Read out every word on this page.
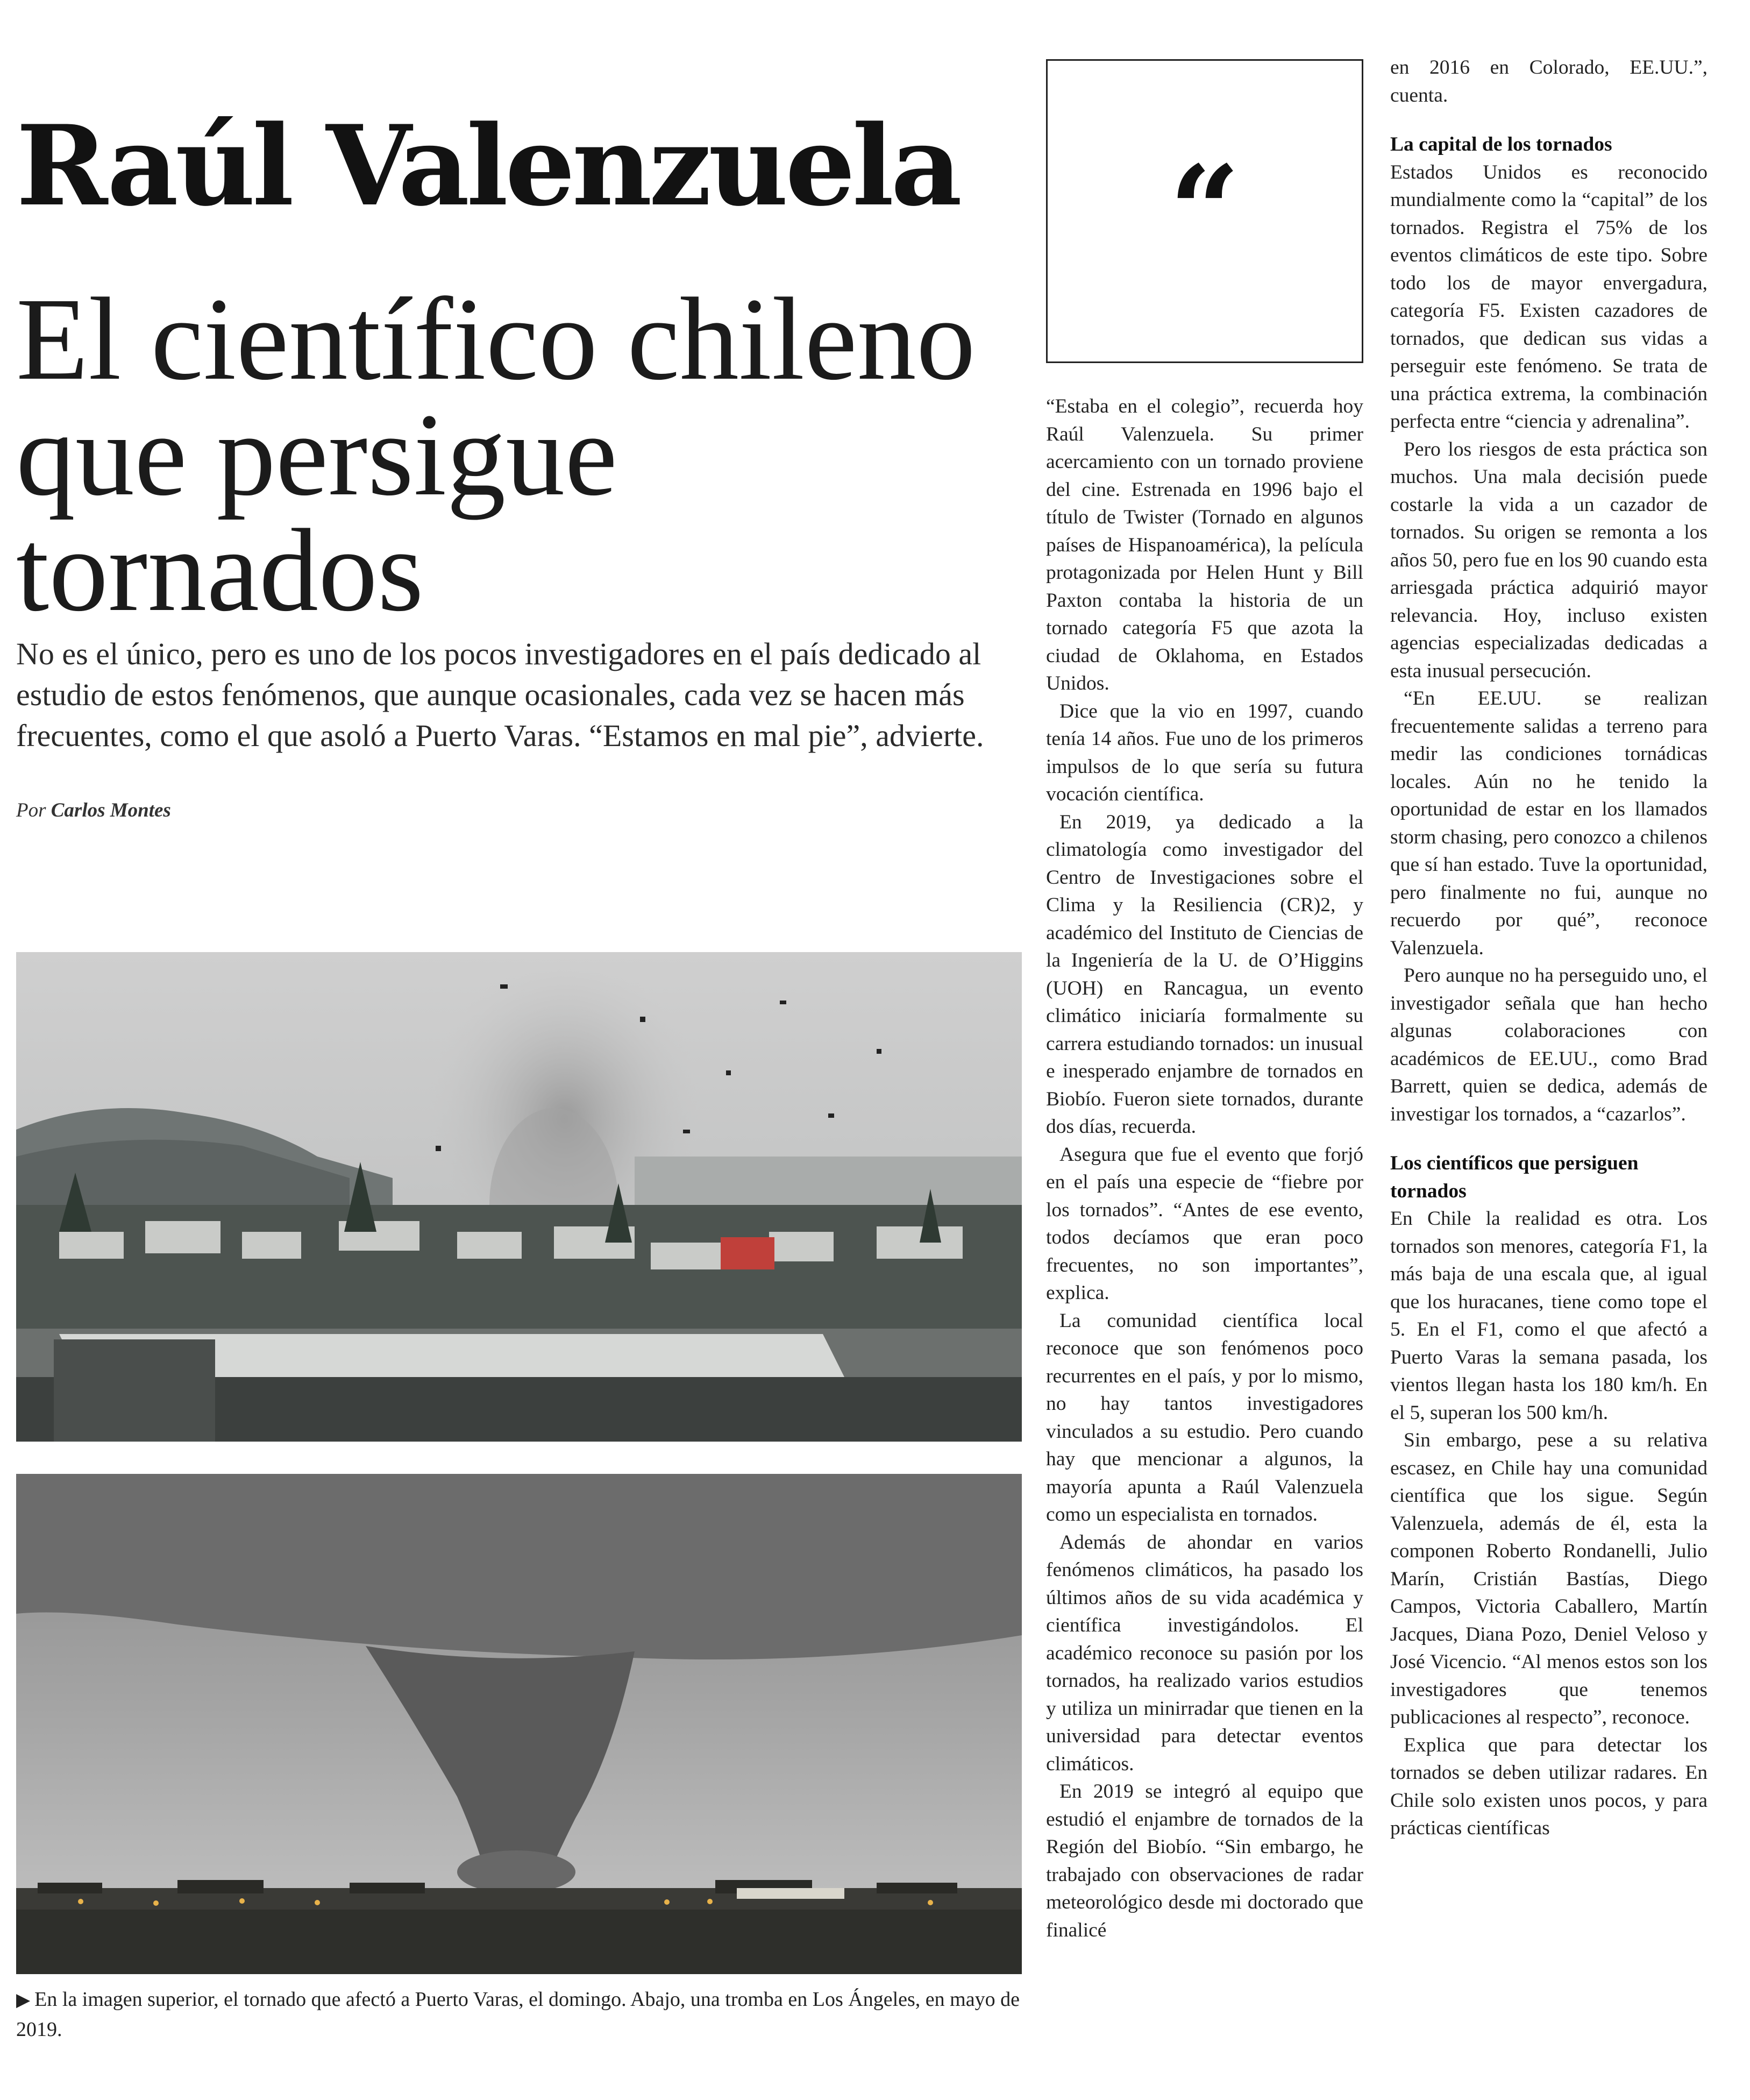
Raúl Valenzuela
El científico chileno que persigue tornados

No es el único, pero es uno de los pocos investigadores en el país dedicado al estudio de estos fenómenos, que aunque ocasionales, cada vez se hacen más frecuentes, como el que asoló a Puerto Varas. “Estamos en mal pie”, advierte.

Por Carlos Montes
▶ En la imagen superior, el tornado que afectó a Puerto Varas, el domingo. Abajo, una tromba en Los Ángeles, en mayo de 2019.
“

“Estaba en el colegio”, recuerda hoy Raúl Valenzuela. Su primer acercamiento con un tornado proviene del cine. Estrenada en 1996 bajo el título de Twister (Tornado en algunos países de Hispanoamérica), la película protagonizada por Helen Hunt y Bill Paxton contaba la historia de un tornado categoría F5 que azota la ciudad de Oklahoma, en Estados Unidos.

Dice que la vio en 1997, cuando tenía 14 años. Fue uno de los primeros impulsos de lo que sería su futura vocación científica.

En 2019, ya dedicado a la climatología como investigador del Centro de Investigaciones sobre el Clima y la Resiliencia (CR)2, y académico del Instituto de Ciencias de la Ingeniería de la U. de O’Higgins (UOH) en Rancagua, un evento climático iniciaría formalmente su carrera estudiando tornados: un inusual e inesperado enjambre de tornados en Biobío. Fueron siete tornados, durante dos días, recuerda.

Asegura que fue el evento que forjó en el país una especie de “fiebre por los tornados”. “Antes de ese evento, todos decíamos que eran poco frecuentes, no son importantes”, explica.

La comunidad científica local reconoce que son fenómenos poco recurrentes en el país, y por lo mismo, no hay tantos investigadores vinculados a su estudio. Pero cuando hay que mencionar a algunos, la mayoría apunta a Raúl Valenzuela como un especialista en tornados.

Además de ahondar en varios fenómenos climáticos, ha pasado los últimos años de su vida académica y científica investigándolos. El académico reconoce su pasión por los tornados, ha realizado varios estudios y utiliza un minirradar que tienen en la universidad para detectar eventos climáticos.

En 2019 se integró al equipo que estudió el enjambre de tornados de la Región del Biobío. “Sin embargo, he trabajado con observaciones de radar meteorológico desde mi doctorado que finalicé

en 2016 en Colorado, EE.UU.”, cuenta.

La capital de los tornados

Estados Unidos es reconocido mundialmente como la “capital” de los tornados. Registra el 75% de los eventos climáticos de este tipo. Sobre todo los de mayor envergadura, categoría F5. Existen cazadores de tornados, que dedican sus vidas a perseguir este fenómeno. Se trata de una práctica extrema, la combinación perfecta entre “ciencia y adrenalina”.

Pero los riesgos de esta práctica son muchos. Una mala decisión puede costarle la vida a un cazador de tornados. Su origen se remonta a los años 50, pero fue en los 90 cuando esta arriesgada práctica adquirió mayor relevancia. Hoy, incluso existen agencias especializadas dedicadas a esta inusual persecución.

“En EE.UU. se realizan frecuentemente salidas a terreno para medir las condiciones tornádicas locales. Aún no he tenido la oportunidad de estar en los llamados storm chasing, pero conozco a chilenos que sí han estado. Tuve la oportunidad, pero finalmente no fui, aunque no recuerdo por qué”, reconoce Valenzuela.

Pero aunque no ha perseguido uno, el investigador señala que han hecho algunas colaboraciones con académicos de EE.UU., como Brad Barrett, quien se dedica, además de investigar los tornados, a “cazarlos”.

Los científicos que persiguen tornados

En Chile la realidad es otra. Los tornados son menores, categoría F1, la más baja de una escala que, al igual que los huracanes, tiene como tope el 5. En el F1, como el que afectó a Puerto Varas la semana pasada, los vientos llegan hasta los 180 km/h. En el 5, superan los 500 km/h.

Sin embargo, pese a su relativa escasez, en Chile hay una comunidad científica que los sigue. Según Valenzuela, además de él, esta la componen Roberto Rondanelli, Julio Marín, Cristián Bastías, Diego Campos, Victoria Caballero, Martín Jacques, Diana Pozo, Deniel Veloso y José Vicencio. “Al menos estos son los investigadores que tenemos publicaciones al respecto”, reconoce.

Explica que para detectar los tornados se deben utilizar radares. En Chile solo existen unos pocos, y para prácticas científicas
